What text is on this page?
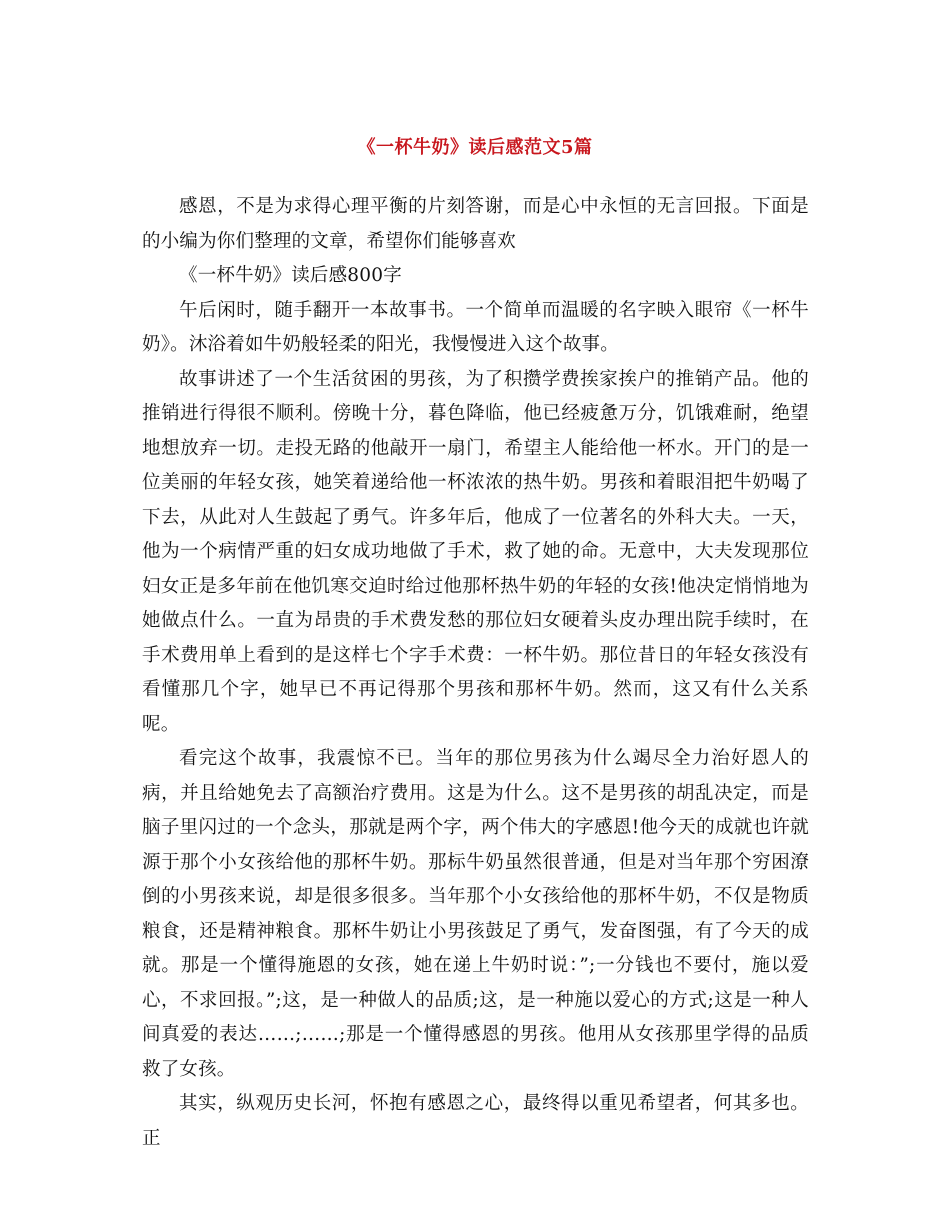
《一杯牛奶》读后感范文5篇

感恩，不是为求得心理平衡的片刻答谢，而是心中永恒的无言回报。下面是的小编为你们整理的文章，希望你们能够喜欢

《一杯牛奶》读后感800字

午后闲时，随手翻开一本故事书。一个简单而温暖的名字映入眼帘《一杯牛奶》。沐浴着如牛奶般轻柔的阳光，我慢慢进入这个故事。

故事讲述了一个生活贫困的男孩，为了积攒学费挨家挨户的推销产品。他的推销进行得很不顺利。傍晚十分，暮色降临，他已经疲惫万分，饥饿难耐，绝望地想放弃一切。走投无路的他敲开一扇门，希望主人能给他一杯水。开门的是一位美丽的年轻女孩，她笑着递给他一杯浓浓的热牛奶。男孩和着眼泪把牛奶喝了下去，从此对人生鼓起了勇气。许多年后，他成了一位著名的外科大夫。一天，他为一个病情严重的妇女成功地做了手术，救了她的命。无意中，大夫发现那位妇女正是多年前在他饥寒交迫时给过他那杯热牛奶的年轻的女孩!他决定悄悄地为她做点什么。一直为昂贵的手术费发愁的那位妇女硬着头皮办理出院手续时，在手术费用单上看到的是这样七个字手术费：一杯牛奶。那位昔日的年轻女孩没有看懂那几个字，她早已不再记得那个男孩和那杯牛奶。然而，这又有什么关系呢。

看完这个故事，我震惊不已。当年的那位男孩为什么竭尽全力治好恩人的病，并且给她免去了高额治疗费用。这是为什么。这不是男孩的胡乱决定，而是脑子里闪过的一个念头，那就是两个字，两个伟大的字感恩!他今天的成就也许就源于那个小女孩给他的那杯牛奶。那标牛奶虽然很普通，但是对当年那个穷困潦倒的小男孩来说，却是很多很多。当年那个小女孩给他的那杯牛奶，不仅是物质粮食，还是精神粮食。那杯牛奶让小男孩鼓足了勇气，发奋图强，有了今天的成就。那是一个懂得施恩的女孩，她在递上牛奶时说：”;一分钱也不要付，施以爱心，不求回报。”;这，是一种做人的品质;这，是一种施以爱心的方式;这是一种人间真爱的表达……;……;那是一个懂得感恩的男孩。他用从女孩那里学得的品质救了女孩。

其实，纵观历史长河，怀抱有感恩之心，最终得以重见希望者，何其多也。正
